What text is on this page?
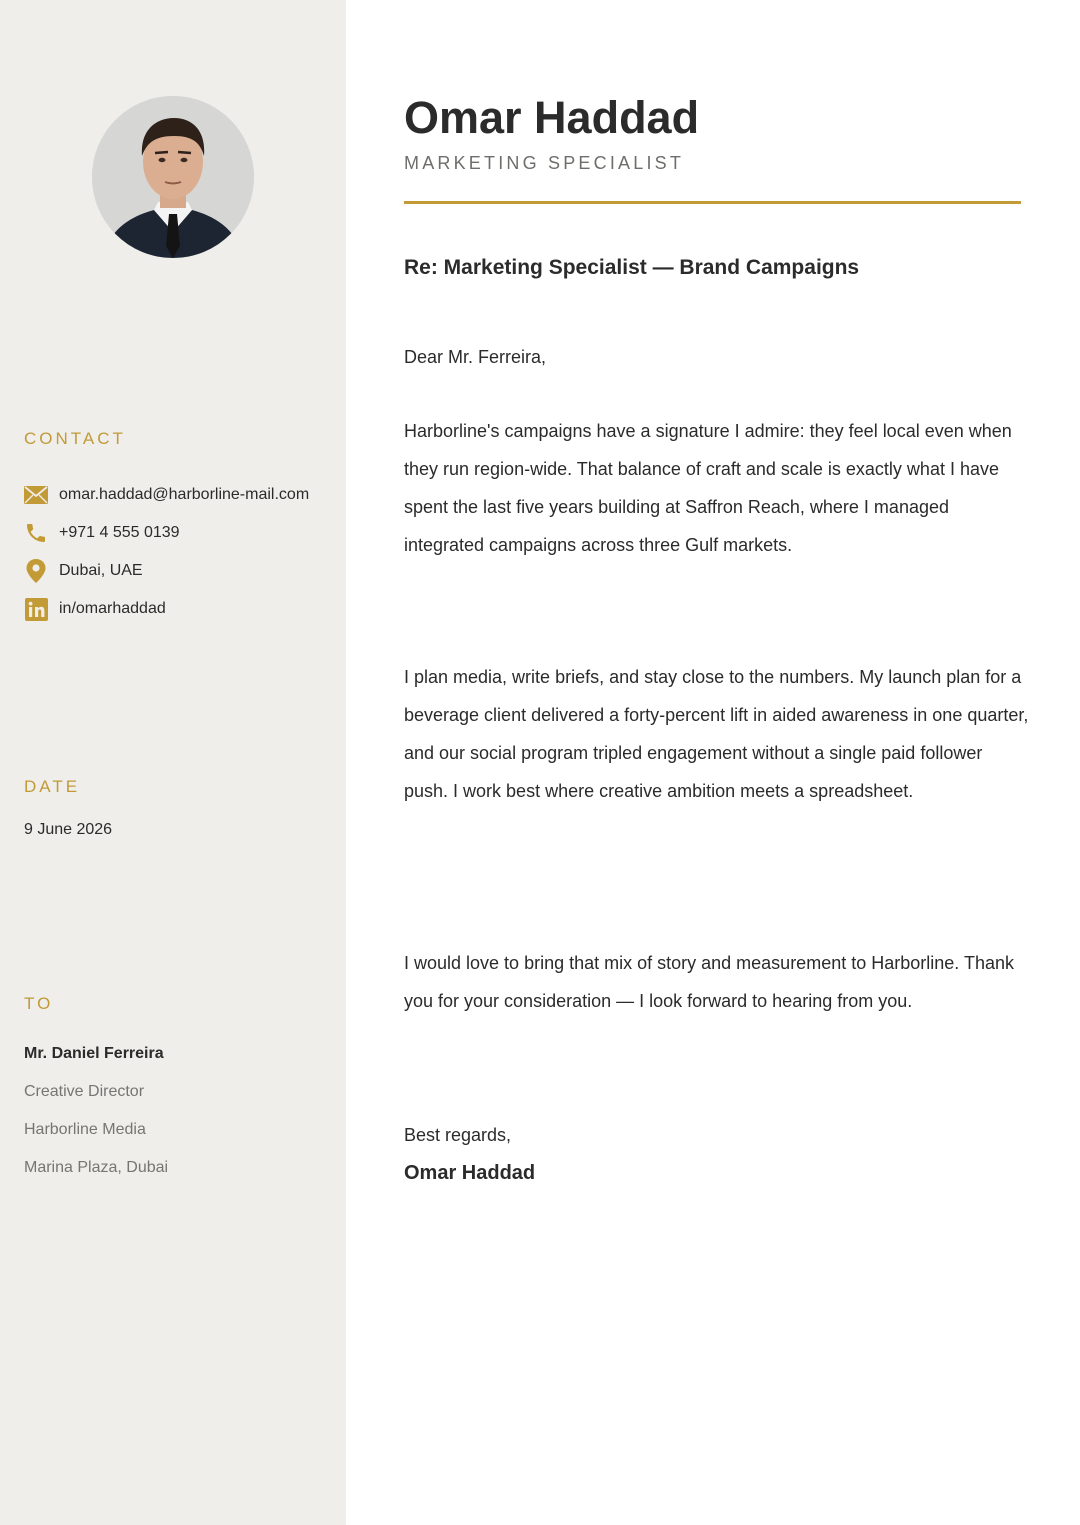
CONTACT
omar.haddad@harborline-mail.com
+971 4 555 0139
Dubai, UAE
in/omarhaddad
DATE

9 June 2026

TO
Mr. Daniel Ferreira
Creative Director
Harborline Media
Marina Plaza, Dubai
Omar Haddad

MARKETING SPECIALIST

Re: Marketing Specialist — Brand Campaigns

Dear Mr. Ferreira,

Harborline's campaigns have a signature I admire: they feel local even when they run region-wide. That balance of craft and scale is exactly what I have spent the last five years building at Saffron Reach, where I managed integrated campaigns across three Gulf markets.

I plan media, write briefs, and stay close to the numbers. My launch plan for a beverage client delivered a forty-percent lift in aided awareness in one quarter, and our social program tripled engagement without a single paid follower push. I work best where creative ambition meets a spreadsheet.

I would love to bring that mix of story and measurement to Harborline. Thank you for your consideration — I look forward to hearing from you.

Best regards,

Omar Haddad
